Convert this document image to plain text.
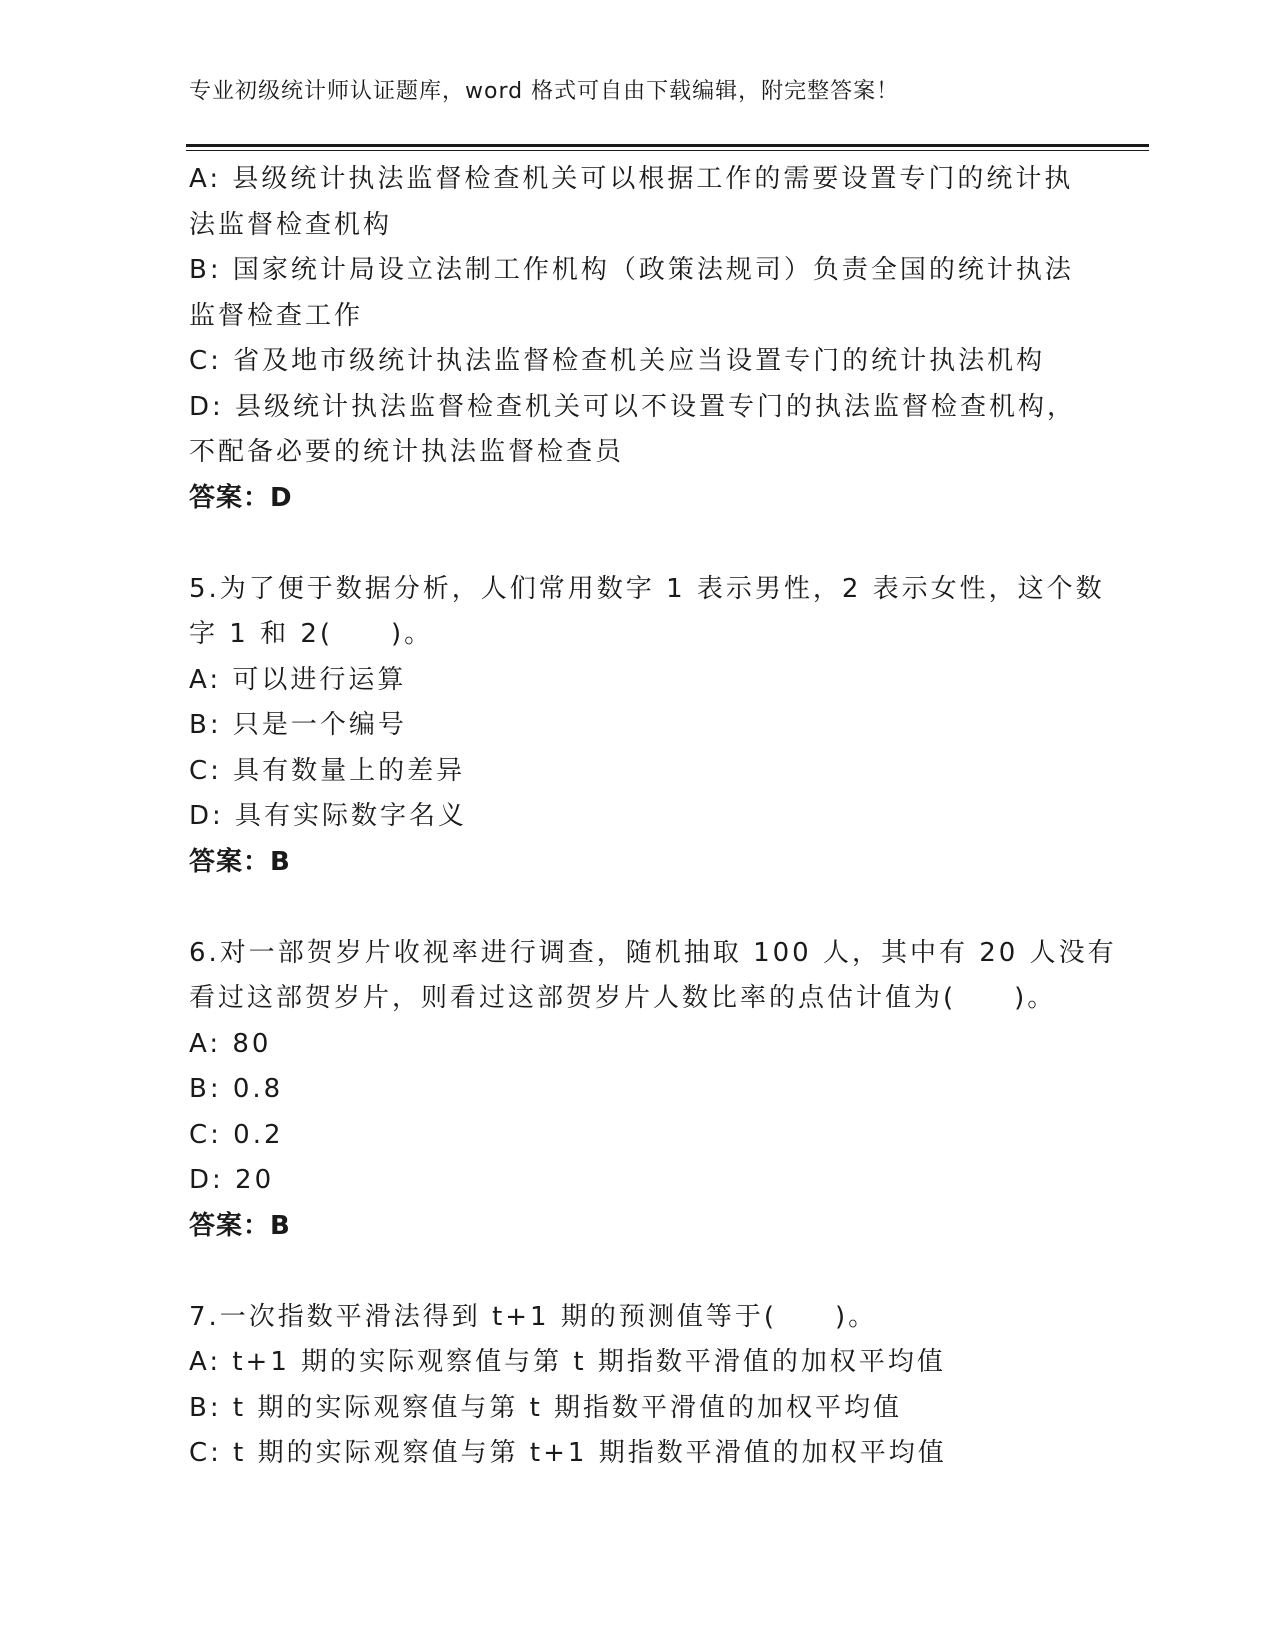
专业初级统计师认证题库，word 格式可自由下载编辑，附完整答案！
A: 县级统计执法监督检查机关可以根据工作的需要设置专门的统计执
法监督检查机构
B: 国家统计局设立法制工作机构（政策法规司）负责全国的统计执法
监督检查工作
C: 省及地市级统计执法监督检查机关应当设置专门的统计执法机构
D: 县级统计执法监督检查机关可以不设置专门的执法监督检查机构，
不配备必要的统计执法监督检查员
答案：D
5.为了便于数据分析，人们常用数字 1 表示男性，2 表示女性，这个数
字 1 和 2(　　)。
A: 可以进行运算
B: 只是一个编号
C: 具有数量上的差异
D: 具有实际数字名义
答案：B
6.对一部贺岁片收视率进行调查，随机抽取 100 人，其中有 20 人没有
看过这部贺岁片，则看过这部贺岁片人数比率的点估计值为(　　)。
A: 80
B: 0.8
C: 0.2
D: 20
答案：B
7.一次指数平滑法得到 t+1 期的预测值等于(　　)。
A: t+1 期的实际观察值与第 t 期指数平滑值的加权平均值
B: t 期的实际观察值与第 t 期指数平滑值的加权平均值
C: t 期的实际观察值与第 t+1 期指数平滑值的加权平均值
